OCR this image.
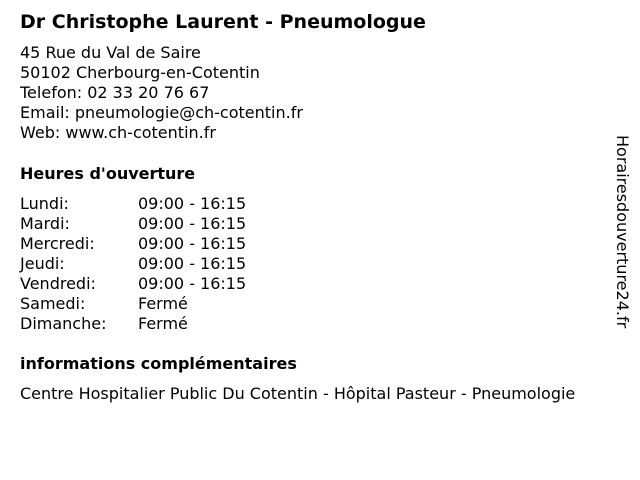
Dr Christophe Laurent - Pneumologue
45 Rue du Val de Saire
50102 Cherbourg-en-Cotentin
Telefon: 02 33 20 76 67
Email: pneumologie@ch-cotentin.fr
Web: www.ch-cotentin.fr
Heures d'ouverture
Lundi:	09:00 - 16:15
Mardi:	09:00 - 16:15
Mercredi:	09:00 - 16:15
Jeudi:	09:00 - 16:15
Vendredi:	09:00 - 16:15
Samedi:	Fermé
Dimanche:	Fermé
informations complémentaires
Centre Hospitalier Public Du Cotentin - Hôpital Pasteur - Pneumologie
Horairesdouverture24.fr
